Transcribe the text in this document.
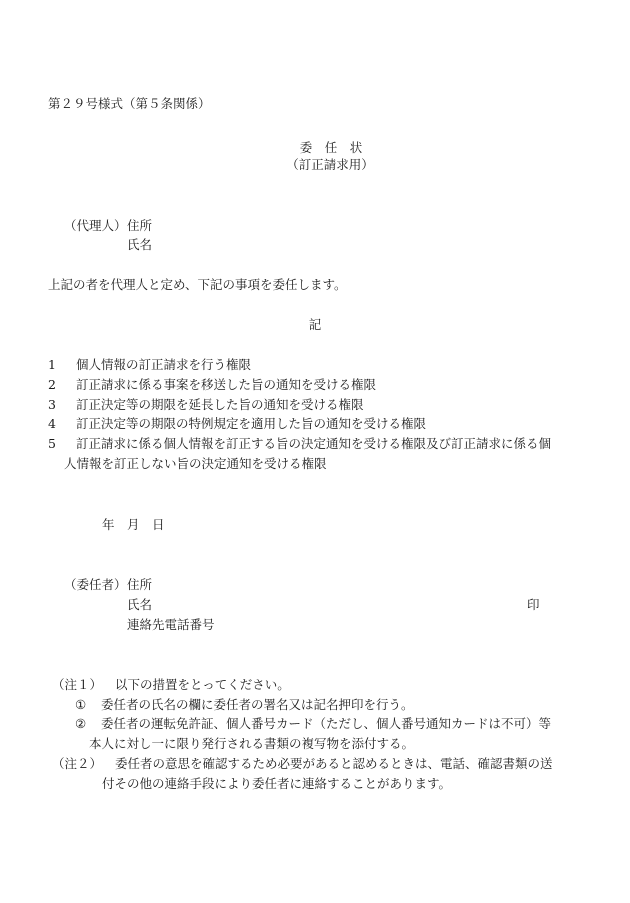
第２９号様式（第５条関係）
委　任　状
（訂正請求用）
（代理人） 住所
氏名
上記の者を代理人と定め、下記の事項を委任します。
記
1 個人情報の訂正請求を行う権限
2 訂正請求に係る事案を移送した旨の通知を受ける権限
3 訂正決定等の期限を延長した旨の通知を受ける権限
4 訂正決定等の期限の特例規定を適用した旨の通知を受ける権限
5 訂正請求に係る個人情報を訂正する旨の決定通知を受ける権限及び訂正請求に係る個
人情報を訂正しない旨の決定通知を受ける権限
年　月　日
（委任者） 住所
氏名	印
連絡先電話番号
（注１） 以下の措置をとってください。
① 委任者の氏名の欄に委任者の署名又は記名押印を行う。
② 委任者の運転免許証、個人番号カード（ただし、個人番号通知カードは不可）等
本人に対し一に限り発行される書類の複写物を添付する。
（注２） 委任者の意思を確認するため必要があると認めるときは、電話、確認書類の送
付その他の連絡手段により委任者に連絡することがあります。
